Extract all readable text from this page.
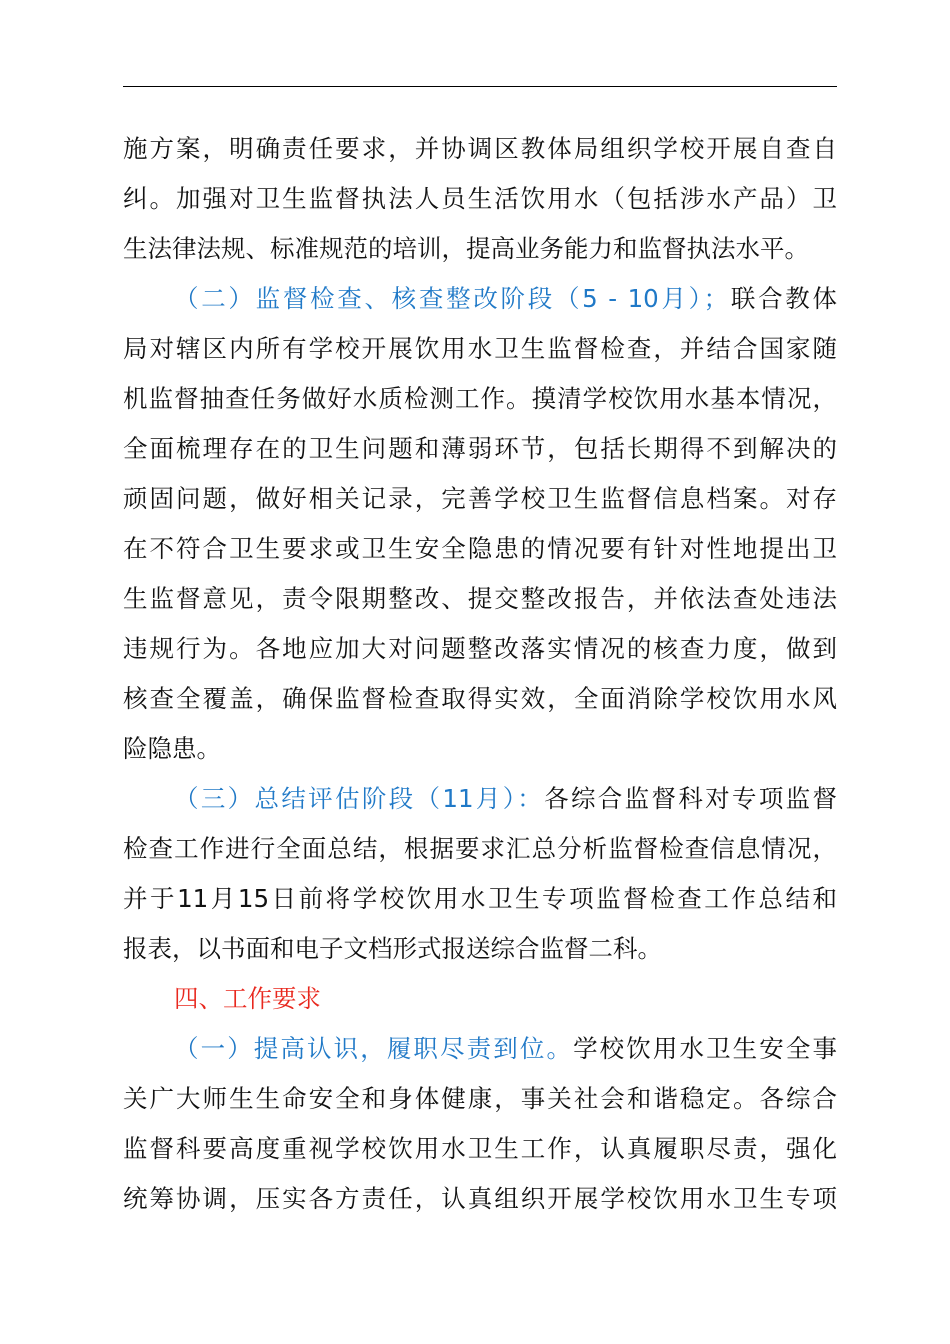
施方案，明确责任要求，并协调区教体局组织学校开展自查自
纠。加强对卫生监督执法人员生活饮用水（包括涉水产品）卫
生法律法规、标准规范的培训，提高业务能力和监督执法水平。
（二）监督检查、核查整改阶段（5 - 10月）；联合教体
局对辖区内所有学校开展饮用水卫生监督检查，并结合国家随
机监督抽查任务做好水质检测工作。摸清学校饮用水基本情况，
全面梳理存在的卫生问题和薄弱环节，包括长期得不到解决的
顽固问题，做好相关记录，完善学校卫生监督信息档案。对存
在不符合卫生要求或卫生安全隐患的情况要有针对性地提出卫
生监督意见，责令限期整改、提交整改报告，并依法查处违法
违规行为。各地应加大对问题整改落实情况的核查力度，做到
核查全覆盖，确保监督检查取得实效，全面消除学校饮用水风
险隐患。
（三）总结评估阶段（11月）：各综合监督科对专项监督
检查工作进行全面总结，根据要求汇总分析监督检查信息情况，
并于11月15日前将学校饮用水卫生专项监督检查工作总结和
报表，以书面和电子文档形式报送综合监督二科。
四、工作要求
（一）提高认识，履职尽责到位。学校饮用水卫生安全事
关广大师生生命安全和身体健康，事关社会和谐稳定。各综合
监督科要高度重视学校饮用水卫生工作，认真履职尽责，强化
统筹协调，压实各方责任，认真组织开展学校饮用水卫生专项
